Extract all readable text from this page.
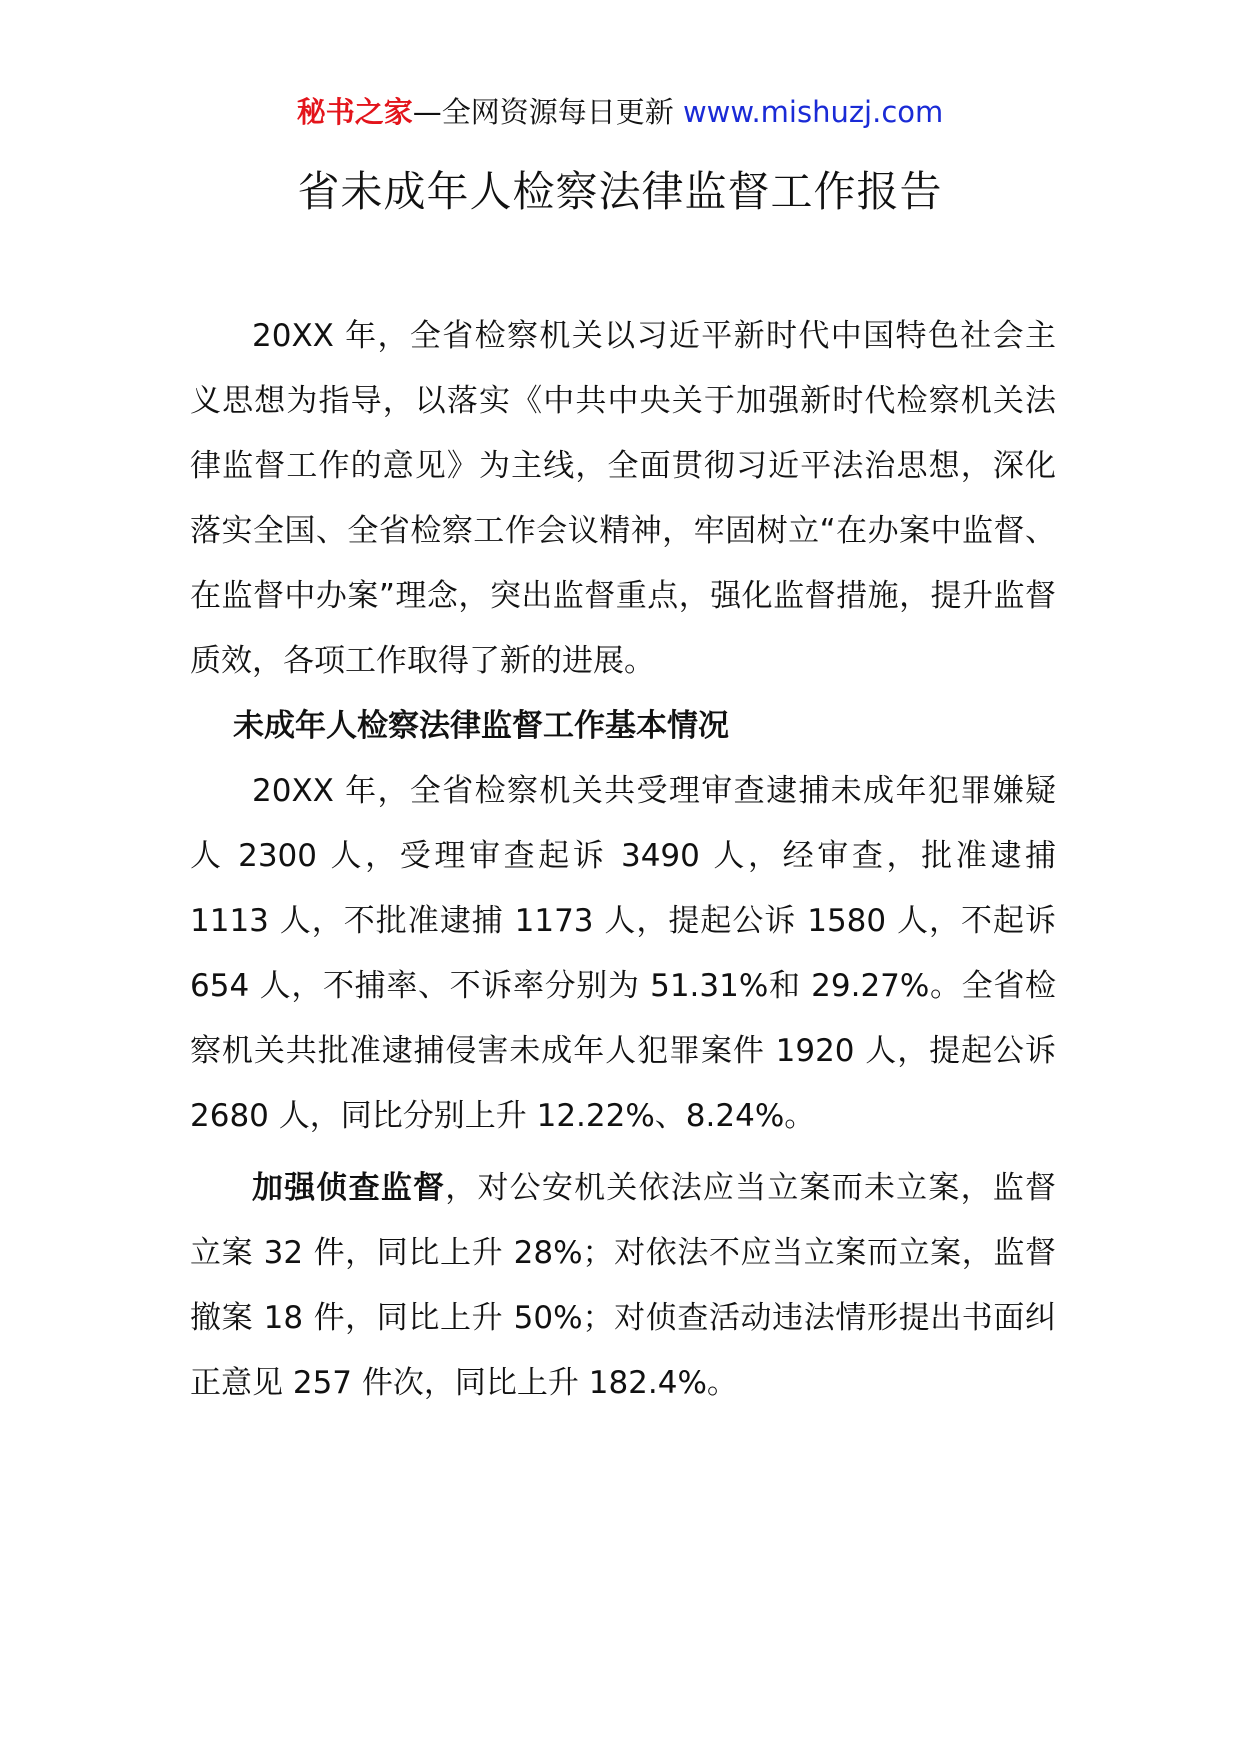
秘书之家—全网资源每日更新 www.mishuzj.com
省未成年人检察法律监督工作报告

20XX 年，全省检察机关以习近平新时代中国特色社会主义思想为指导，以落实《中共中央关于加强新时代检察机关法律监督工作的意见》为主线，全面贯彻习近平法治思想，深化落实全国、全省检察工作会议精神，牢固树立“在办案中监督、在监督中办案”理念，突出监督重点，强化监督措施，提升监督质效，各项工作取得了新的进展。

未成年人检察法律监督工作基本情况

20XX 年，全省检察机关共受理审查逮捕未成年犯罪嫌疑人 2300 人，受理审查起诉 3490 人，经审查，批准逮捕 1113 人，不批准逮捕 1173 人，提起公诉 1580 人，不起诉 654 人，不捕率、不诉率分别为 51.31%和 29.27%。全省检察机关共批准逮捕侵害未成年人犯罪案件 1920 人，提起公诉 2680 人，同比分别上升 12.22%、8.24%。

加强侦查监督，对公安机关依法应当立案而未立案，监督立案 32 件，同比上升 28%；对依法不应当立案而立案，监督撤案 18 件，同比上升 50%；对侦查活动违法情形提出书面纠正意见 257 件次，同比上升 182.4%。
